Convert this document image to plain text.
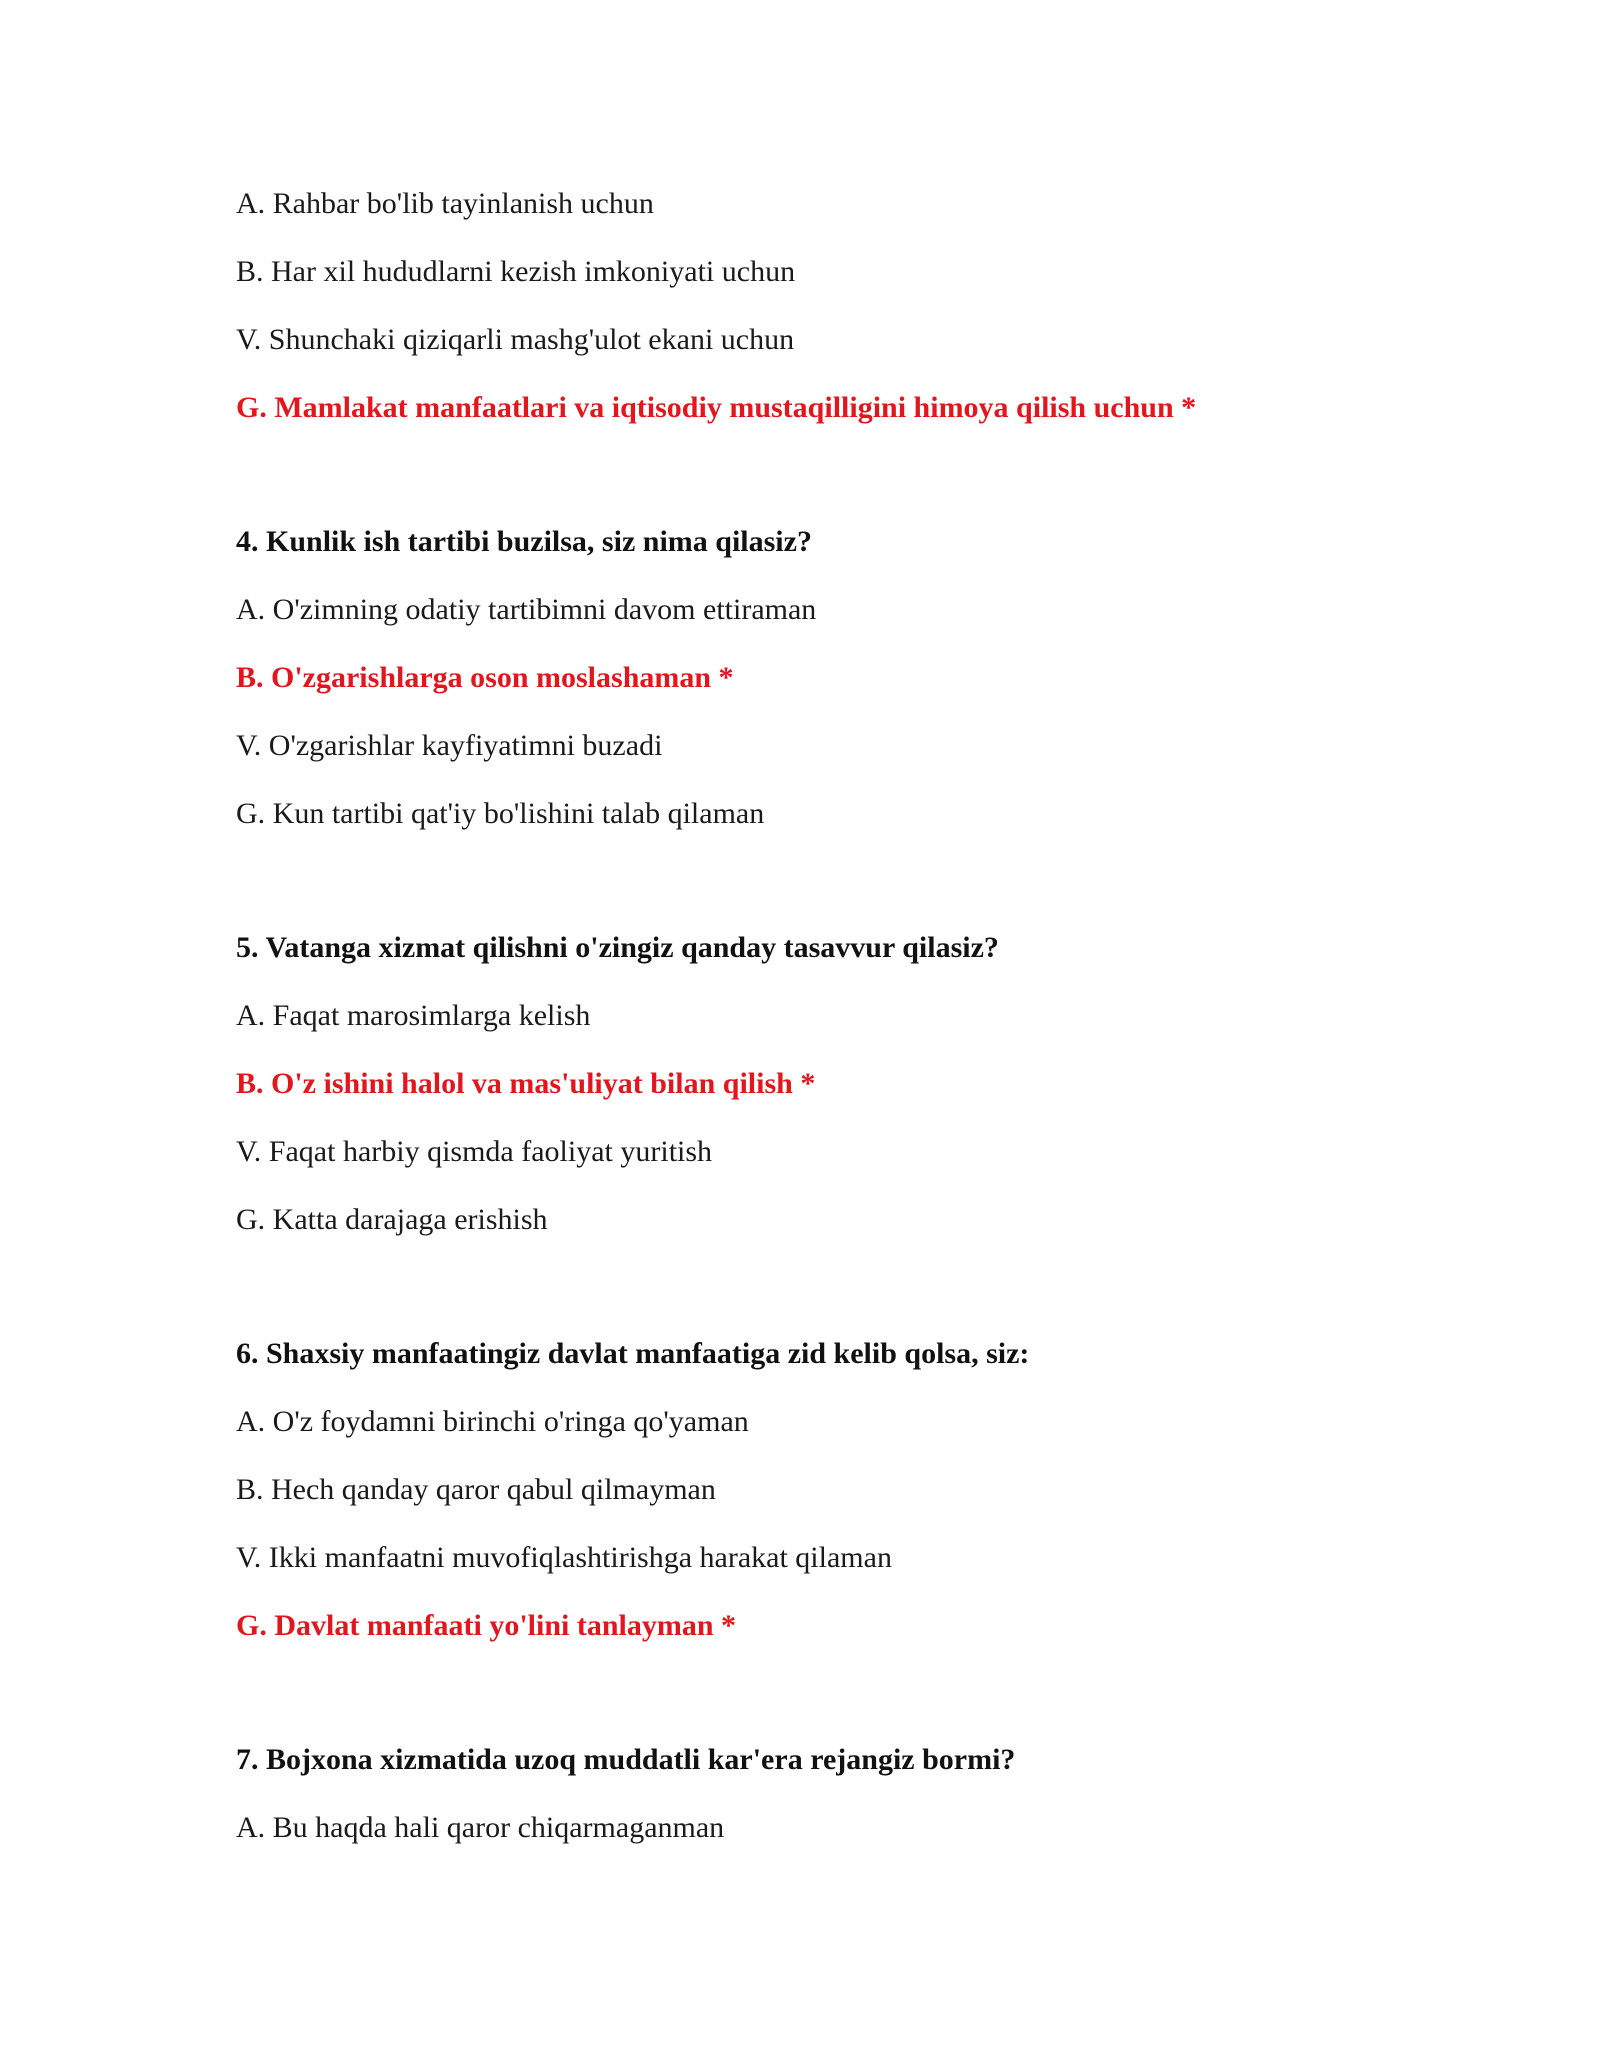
A. Rahbar bo'lib tayinlanish uchun
B. Har xil hududlarni kezish imkoniyati uchun
V. Shunchaki qiziqarli mashg'ulot ekani uchun
G. Mamlakat manfaatlari va iqtisodiy mustaqilligini himoya qilish uchun *
4. Kunlik ish tartibi buzilsa, siz nima qilasiz?
A. O'zimning odatiy tartibimni davom ettiraman
B. O'zgarishlarga oson moslashaman *
V. O'zgarishlar kayfiyatimni buzadi
G. Kun tartibi qat'iy bo'lishini talab qilaman
5. Vatanga xizmat qilishni o'zingiz qanday tasavvur qilasiz?
A. Faqat marosimlarga kelish
B. O'z ishini halol va mas'uliyat bilan qilish *
V. Faqat harbiy qismda faoliyat yuritish
G. Katta darajaga erishish
6. Shaxsiy manfaatingiz davlat manfaatiga zid kelib qolsa, siz:
A. O'z foydamni birinchi o'ringa qo'yaman
B. Hech qanday qaror qabul qilmayman
V. Ikki manfaatni muvofiqlashtirishga harakat qilaman
G. Davlat manfaati yo'lini tanlayman *
7. Bojxona xizmatida uzoq muddatli kar'era rejangiz bormi?
A. Bu haqda hali qaror chiqarmaganman
